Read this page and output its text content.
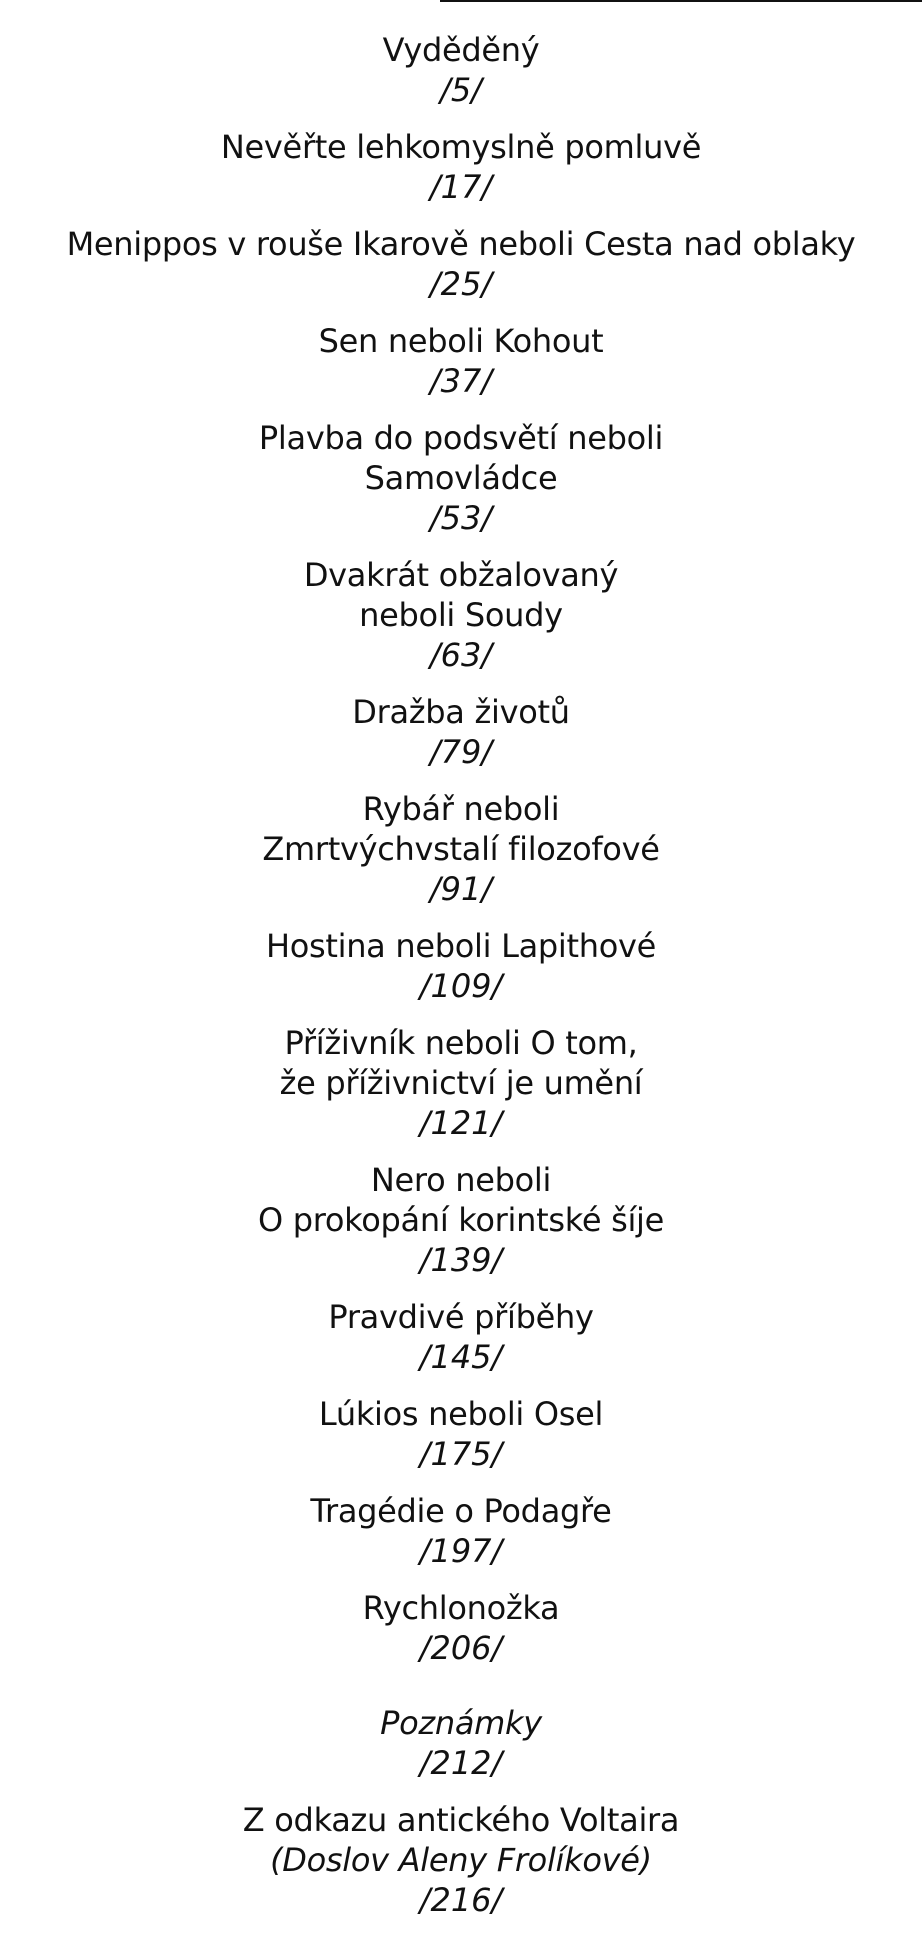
Vyděděný
/5/
Nevěřte lehkomyslně pomluvě
/17/
Menippos v rouše Ikarově neboli Cesta nad oblaky
/25/
Sen neboli Kohout
/37/
Plavba do podsvětí neboli
Samovládce
/53/
Dvakrát obžalovaný
neboli Soudy
/63/
Dražba životů
/79/
Rybář neboli
Zmrtvýchvstalí filozofové
/91/
Hostina neboli Lapithové
/109/
Příživník neboli O tom,
že příživnictví je umění
/121/
Nero neboli
O prokopání korintské šíje
/139/
Pravdivé příběhy
/145/
Lúkios neboli Osel
/175/
Tragédie o Podagře
/197/
Rychlonožka
/206/
Poznámky
/212/
Z odkazu antického Voltaira
(Doslov Aleny Frolíkové)
/216/
